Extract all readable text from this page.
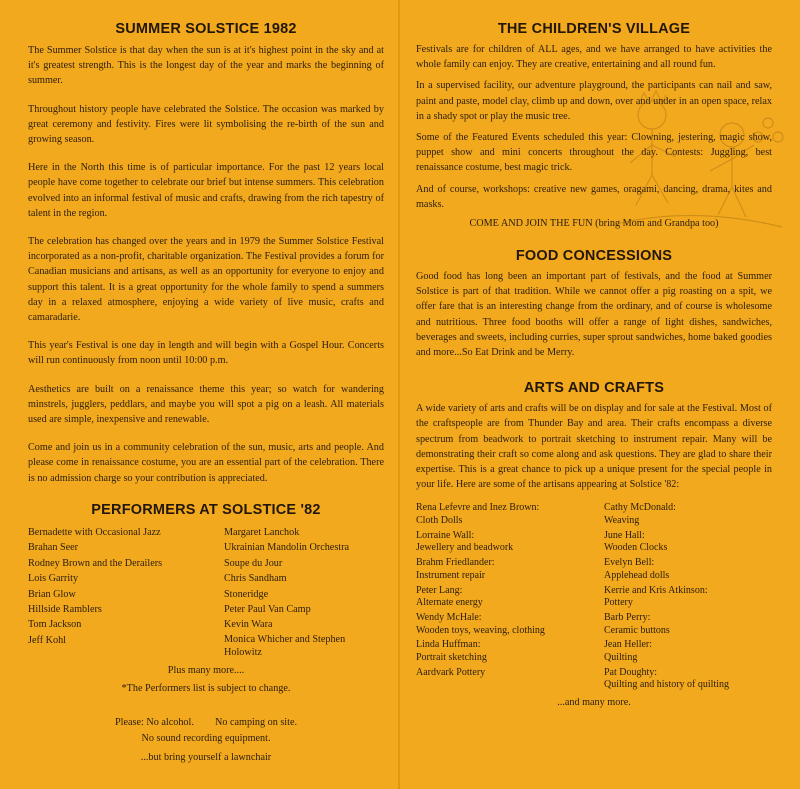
SUMMER SOLSTICE 1982

The Summer Solstice is that day when the sun is at it's highest point in the sky and at it's greatest strength. This is the longest day of the year and marks the beginning of summer.

Throughout history people have celebrated the Solstice. The occasion was marked by great ceremony and festivity. Fires were lit symbolising the re-birth of the sun and growing season.

Here in the North this time is of particular importance. For the past 12 years local people have come together to celebrate our brief but intense summers. This celebration evolved into an informal festival of music and crafts, drawing from the rich tapestry of talent in the region.

The celebration has changed over the years and in 1979 the Summer Solstice Festival incorporated as a non-profit, charitable organization. The Festival provides a forum for Canadian musicians and artisans, as well as an opportunity for everyone to enjoy and support this talent. It is a great opportunity for the whole family to spend a summers day in a relaxed atmosphere, enjoying a wide variety of live music, crafts and camaradarie.

This year's Festival is one day in length and will begin with a Gospel Hour. Concerts will run continuously from noon until 10:00 p.m.

Aesthetics are built on a renaissance theme this year; so watch for wandering minstrels, jugglers, peddlars, and maybe you will spot a pig on a leash. All materials used are simple, inexpensive and renewable.

Come and join us in a community celebration of the sun, music, arts and people. And please come in renaissance costume, you are an essential part of the celebration. There is no admission charge so your contribution is appreciated.

PERFORMERS AT SOLSTICE '82
Bernadette with Occasional Jazz	Margaret Lanchok
Brahan Seer	Ukrainian Mandolin Orchestra
Rodney Brown and the Derailers	Soupe du Jour
Lois Garrity	Chris Sandham
Brian Glow	Stoneridge
Hillside Ramblers	Peter Paul Van Camp
Tom Jackson	Kevin Wara
Jeff Kohl	Monica Whicher and Stephen Holowitz
Plus many more....
*The Performers list is subject to change.
Please: No alcohol. No camping on site.
No sound recording equipment.
...but bring yourself a lawnchair
THE CHILDREN'S VILLAGE

Festivals are for children of ALL ages, and we have arranged to have activities the whole family can enjoy. They are creative, entertaining and all round fun.

In a supervised facility, our adventure playground, the participants can nail and saw, paint and paste, model clay, climb up and down, over and under in an open space, relax in a shady spot or play the music tree.

Some of the Featured Events scheduled this year: Clowning, jestering, magic show, puppet show and mini concerts throughout the day. Contests: Juggling, best renaissance costume, best magic trick.

And of course, workshops: creative new games, oragami, dancing, drama, kites and masks.

COME AND JOIN THE FUN (bring Mom and Grandpa too)
FOOD CONCESSIONS

Good food has long been an important part of festivals, and the food at Summer Solstice is part of that tradition. While we cannot offer a pig roasting on a spit, we offer fare that is an interesting change from the ordinary, and of course is wholesome and nutritious. Three food booths will offer a range of light dishes, sandwiches, beverages and sweets, including curries, super sprout sandwiches, home baked goodies and more...So Eat Drink and be Merry.

ARTS AND CRAFTS

A wide variety of arts and crafts will be on display and for sale at the Festival. Most of the craftspeople are from Thunder Bay and area. Their crafts encompass a diverse spectrum from beadwork to portrait sketching to instrument repair. Many will be demonstrating their craft so come along and ask questions. They are glad to share their expertise. This is a great chance to pick up a unique present for the special people in your life. Here are some of the artisans appearing at Solstice '82:

Rena Lefevre and Inez Brown:
Cloth Dolls
Lorraine Wall:
Jewellery and beadwork
Brahm Friedlander:
Instrument repair
Peter Lang:
Alternate energy
Wendy McHale:
Wooden toys, weaving, clothing
Linda Huffman:
Portrait sketching
Aardvark Pottery
Cathy McDonald:
Weaving
June Hall:
Wooden Clocks
Evelyn Bell:
Applehead dolls
Kerrie and Kris Atkinson:
Pottery
Barb Perry:
Ceramic buttons
Jean Heller:
Quilting
Pat Doughty:
Quilting and history of quilting
...and many more.
